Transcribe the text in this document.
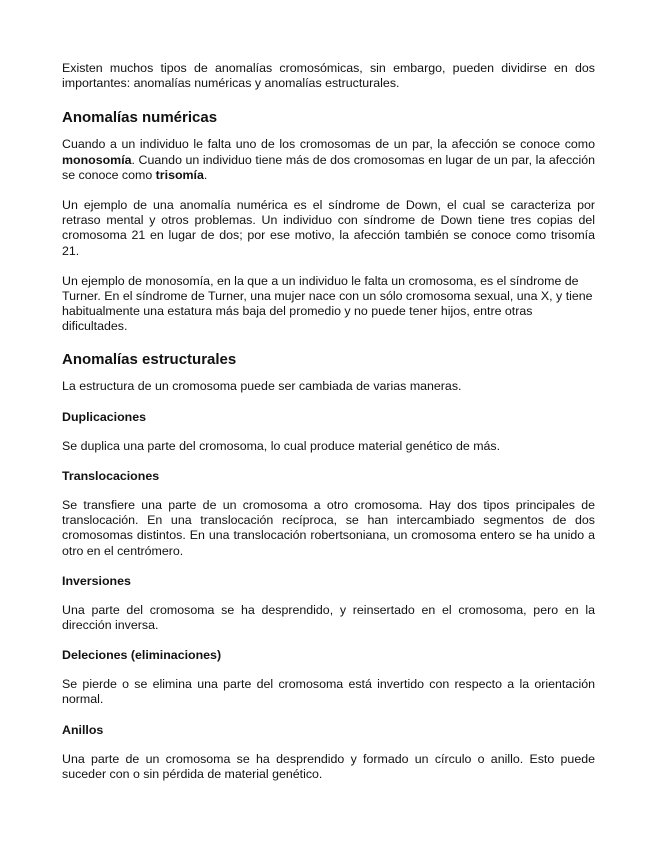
Existen muchos tipos de anomalías cromosómicas, sin embargo, pueden dividirse en dos importantes: anomalías numéricas y anomalías estructurales.

Anomalías numéricas

Cuando a un individuo le falta uno de los cromosomas de un par, la afección se conoce como monosomía. Cuando un individuo tiene más de dos cromosomas en lugar de un par, la afección se conoce como trisomía.

Un ejemplo de una anomalía numérica es el síndrome de Down, el cual se caracteriza por retraso mental y otros problemas. Un individuo con síndrome de Down tiene tres copias del cromosoma 21 en lugar de dos; por ese motivo, la afección también se conoce como trisomía 21.

Un ejemplo de monosomía, en la que a un individuo le falta un cromosoma, es el síndrome de Turner. En el síndrome de Turner, una mujer nace con un sólo cromosoma sexual, una X, y tiene habitualmente una estatura más baja del promedio y no puede tener hijos, entre otras dificultades.

Anomalías estructurales

La estructura de un cromosoma puede ser cambiada de varias maneras.

Duplicaciones

Se duplica una parte del cromosoma, lo cual produce material genético de más.

Translocaciones

Se transfiere una parte de un cromosoma a otro cromosoma. Hay dos tipos principales de translocación. En una translocación recíproca, se han intercambiado segmentos de dos cromosomas distintos. En una translocación robertsoniana, un cromosoma entero se ha unido a otro en el centrómero.

Inversiones

Una parte del cromosoma se ha desprendido, y reinsertado en el cromosoma, pero en la dirección inversa.

Deleciones (eliminaciones)

Se pierde o se elimina una parte del cromosoma está invertido con respecto a la orientación normal.

Anillos

Una parte de un cromosoma se ha desprendido y formado un círculo o anillo. Esto puede suceder con o sin pérdida de material genético.
